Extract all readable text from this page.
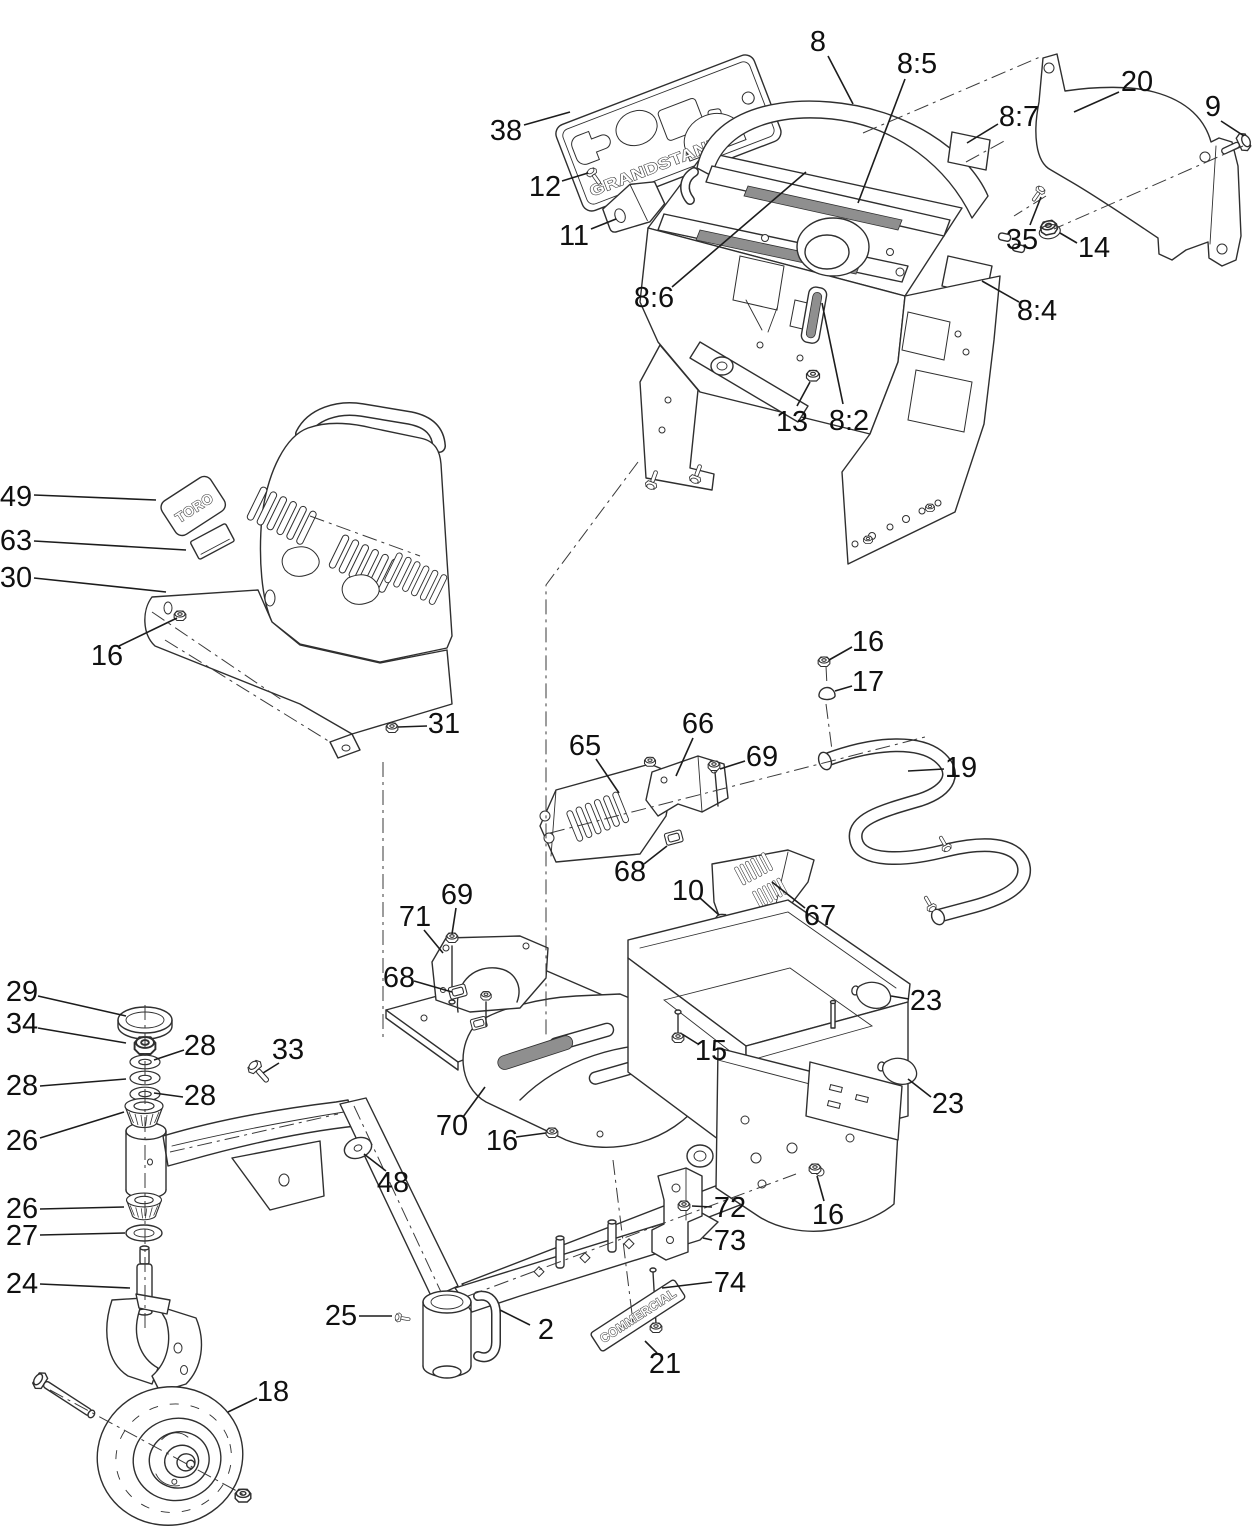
GRANDSTAND
TORO
COMMERCIAL
38
8
8:5
8:7
20
9
12
11
8:6
35 14
8:4
13 8:2
49
63
30
16
31
65
66
69
16
17
19
68
10
67
71
69
68
29
34
28
28	28
26
33
26
27
24
70 16
48
15
23
23
16
72
73
74
25	2
21
18
